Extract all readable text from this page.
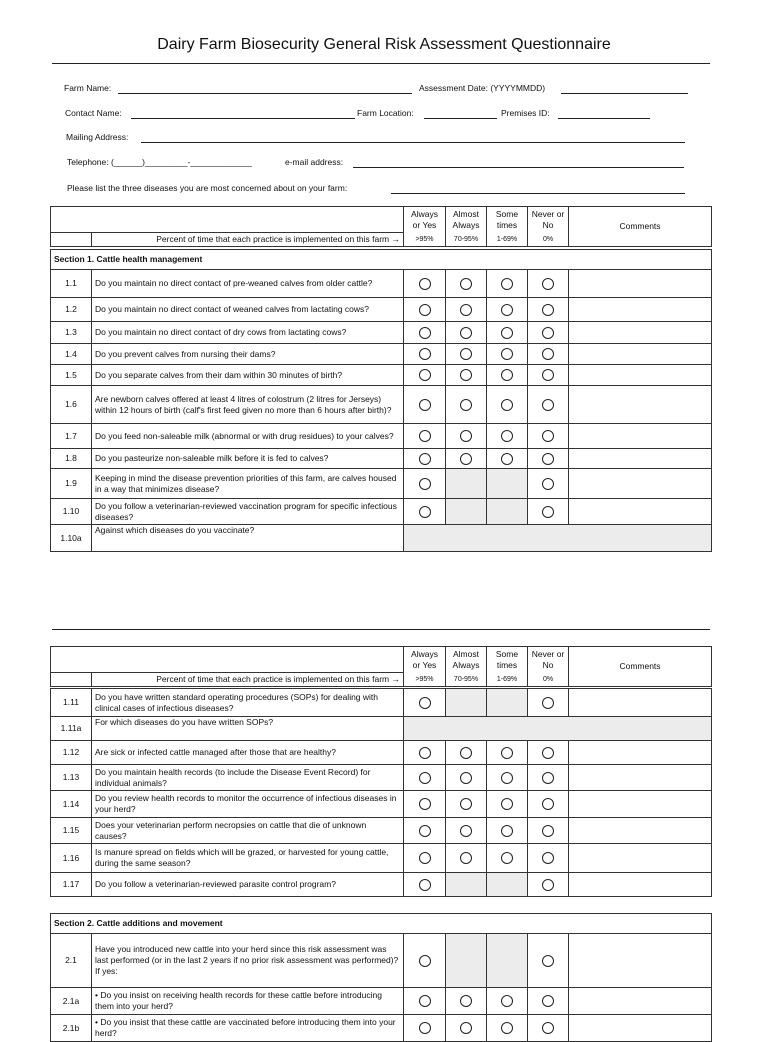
Dairy Farm Biosecurity General Risk Assessment Questionnaire
Farm Name:	Assessment Date: (YYYYMMDD)
Contact Name:	Farm Location:	Premises ID:
Mailing Address:
Telephone: (______)_________-_____________	e-mail address:
Please list the three diseases you are most concerned about on your farm:
		Always or Yes	Almost Always	Some times	Never or No	Comments
	Percent of time that each practice is implemented on this farm →	>95%	70-95%	1-69%	0%	
Section 1. Cattle health management						
1.1	Do you maintain no direct contact of pre-weaned calves from older cattle?					

1.2	Do you maintain no direct contact of weaned calves from lactating cows?					

1.3	Do you maintain no direct contact of dry cows from lactating cows?					

1.4	Do you prevent calves from nursing their dams?					

1.5	Do you separate calves from their dam within 30 minutes of birth?					

1.6	Are newborn calves offered at least 4 litres of colostrum (2 litres for Jerseys) within 12 hours of birth (calf's first feed given no more than 6 hours after birth)?					

1.7	Do you feed non-saleable milk (abnormal or with drug residues) to your calves?					

1.8	Do you pasteurize non-saleable milk before it is fed to calves?					

1.9	Keeping in mind the disease prevention priorities of this farm, are calves housed in a way that minimizes disease?					

1.10	Do you follow a veterinarian-reviewed vaccination program for specific infectious diseases?					

1.10a	Against which diseases do you vaccinate?					

		Always or Yes	Almost Always	Some times	Never or No	Comments
	Percent of time that each practice is implemented on this farm →	>95%	70-95%	1-69%	0%	
1.11	Do you have written standard operating procedures (SOPs) for dealing with clinical cases of infectious diseases?					

1.11a	For which diseases do you have written SOPs?					

1.12	Are sick or infected cattle managed after those that are healthy?					

1.13	Do you maintain health records (to include the Disease Event Record) for individual animals?					

1.14	Do you review health records to monitor the occurrence of infectious diseases in your herd?					

1.15	Does your veterinarian perform necropsies on cattle that die of unknown causes?					

1.16	Is manure spread on fields which will be grazed, or harvested for young cattle, during the same season?					

1.17	Do you follow a veterinarian-reviewed parasite control program?					

Section 2. Cattle additions and movement						
2.1	Have you introduced new cattle into your herd since this risk assessment was last performed (or in the last 2 years if no prior risk assessment was performed)?
If yes:					

2.1a	• Do you insist on receiving health records for these cattle before introducing them into your herd?					

2.1b	• Do you insist that these cattle are vaccinated before introducing them into your herd?					
